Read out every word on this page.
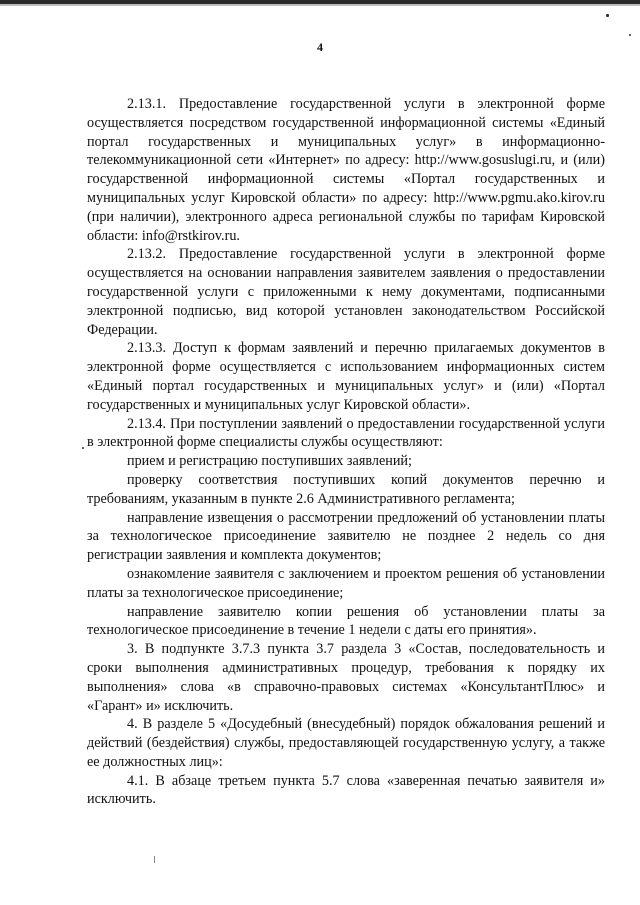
4

2.13.1. Предоставление государственной услуги в электронной форме осуществляется посредством государственной информационной системы «Единый портал государственных и муниципальных услуг» в информационно-телекоммуникационной сети «Интернет» по адресу: http://www.gosuslugi.ru, и (или) государственной информационной системы «Портал государственных и муниципальных услуг Кировской области» по адресу: http://www.pgmu.ako.kirov.ru (при наличии), электронного адреса региональной службы по тарифам Кировской области: info@rstkirov.ru.

2.13.2. Предоставление государственной услуги в электронной форме осуществляется на основании направления заявителем заявления о предоставлении государственной услуги с приложенными к нему документами, подписанными электронной подписью, вид которой установлен законодательством Российской Федерации.

2.13.3. Доступ к формам заявлений и перечню прилагаемых документов в электронной форме осуществляется с использованием информационных систем «Единый портал государственных и муниципальных услуг» и (или) «Портал государственных и муниципальных услуг Кировской области».

2.13.4. При поступлении заявлений о предоставлении государственной услуги в электронной форме специалисты службы осуществляют:

прием и регистрацию поступивших заявлений;

проверку соответствия поступивших копий документов перечню и требованиям, указанным в пункте 2.6 Административного регламента;

направление извещения о рассмотрении предложений об установлении платы за технологическое присоединение заявителю не позднее 2 недель со дня регистрации заявления и комплекта документов;

ознакомление заявителя с заключением и проектом решения об установлении платы за технологическое присоединение;

направление заявителю копии решения об установлении платы за технологическое присоединение в течение 1 недели с даты его принятия».

3. В подпункте 3.7.3 пункта 3.7 раздела 3 «Состав, последовательность и сроки выполнения административных процедур, требования к порядку их выполнения» слова «в справочно-правовых системах «КонсультантПлюс» и «Гарант» и» исключить.

4. В разделе 5 «Досудебный (внесудебный) порядок обжалования решений и действий (бездействия) службы, предоставляющей государственную услугу, а также ее должностных лиц»:

4.1. В абзаце третьем пункта 5.7 слова «заверенная печатью заявителя и» исключить.
